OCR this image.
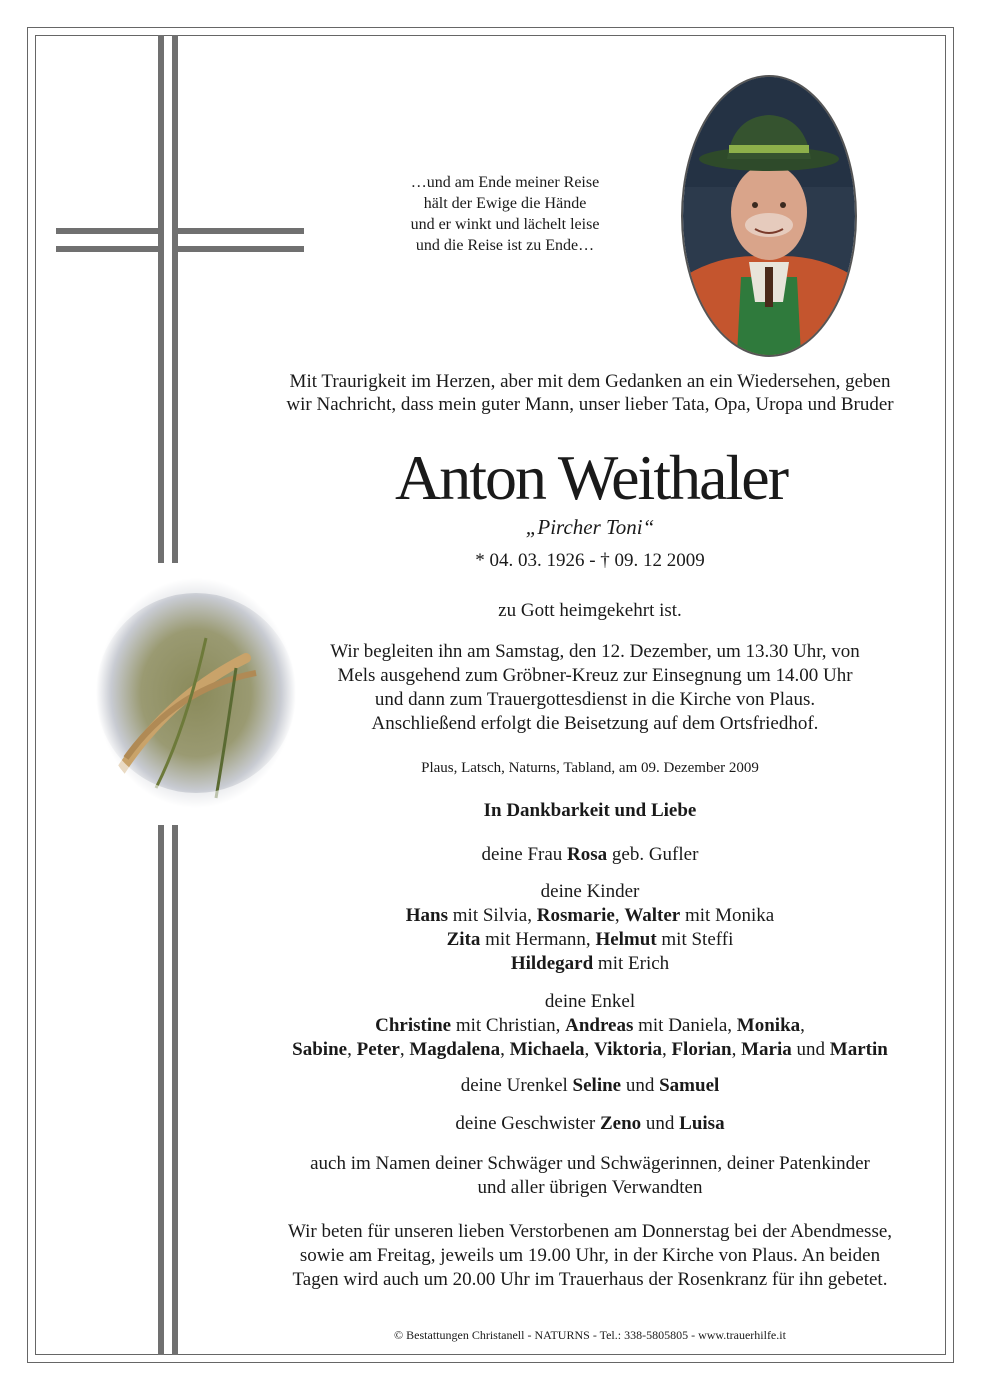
…und am Ende meiner Reise
hält der Ewige die Hände
und er winkt und lächelt leise
und die Reise ist zu Ende…
Mit Traurigkeit im Herzen, aber mit dem Gedanken an ein Wiedersehen, geben
wir Nachricht, dass mein guter Mann, unser lieber Tata, Opa, Uropa und Bruder
Anton Weithaler
„Pircher Toni“
* 04. 03. 1926 - † 09. 12 2009
zu Gott heimgekehrt ist.
Wir begleiten ihn am Samstag, den 12. Dezember, um 13.30 Uhr, von
Mels ausgehend zum Gröbner-Kreuz zur Einsegnung um 14.00 Uhr
und dann zum Trauergottesdienst in die Kirche von Plaus.
Anschließend erfolgt die Beisetzung auf dem Ortsfriedhof.
Plaus, Latsch, Naturns, Tabland, am 09. Dezember 2009
In Dankbarkeit und Liebe
deine Frau Rosa geb. Gufler
deine Kinder
Hans mit Silvia, Rosmarie, Walter mit Monika
Zita mit Hermann, Helmut mit Steffi
Hildegard mit Erich
deine Enkel
Christine mit Christian, Andreas mit Daniela, Monika,
Sabine, Peter, Magdalena, Michaela, Viktoria, Florian, Maria und Martin
deine Urenkel Seline und Samuel
deine Geschwister Zeno und Luisa
auch im Namen deiner Schwäger und Schwägerinnen, deiner Patenkinder
und aller übrigen Verwandten
Wir beten für unseren lieben Verstorbenen am Donnerstag bei der Abendmesse,
sowie am Freitag, jeweils um 19.00 Uhr, in der Kirche von Plaus. An beiden
Tagen wird auch um 20.00 Uhr im Trauerhaus der Rosenkranz für ihn gebetet.
© Bestattungen Christanell - NATURNS - Tel.: 338-5805805 - www.trauerhilfe.it
